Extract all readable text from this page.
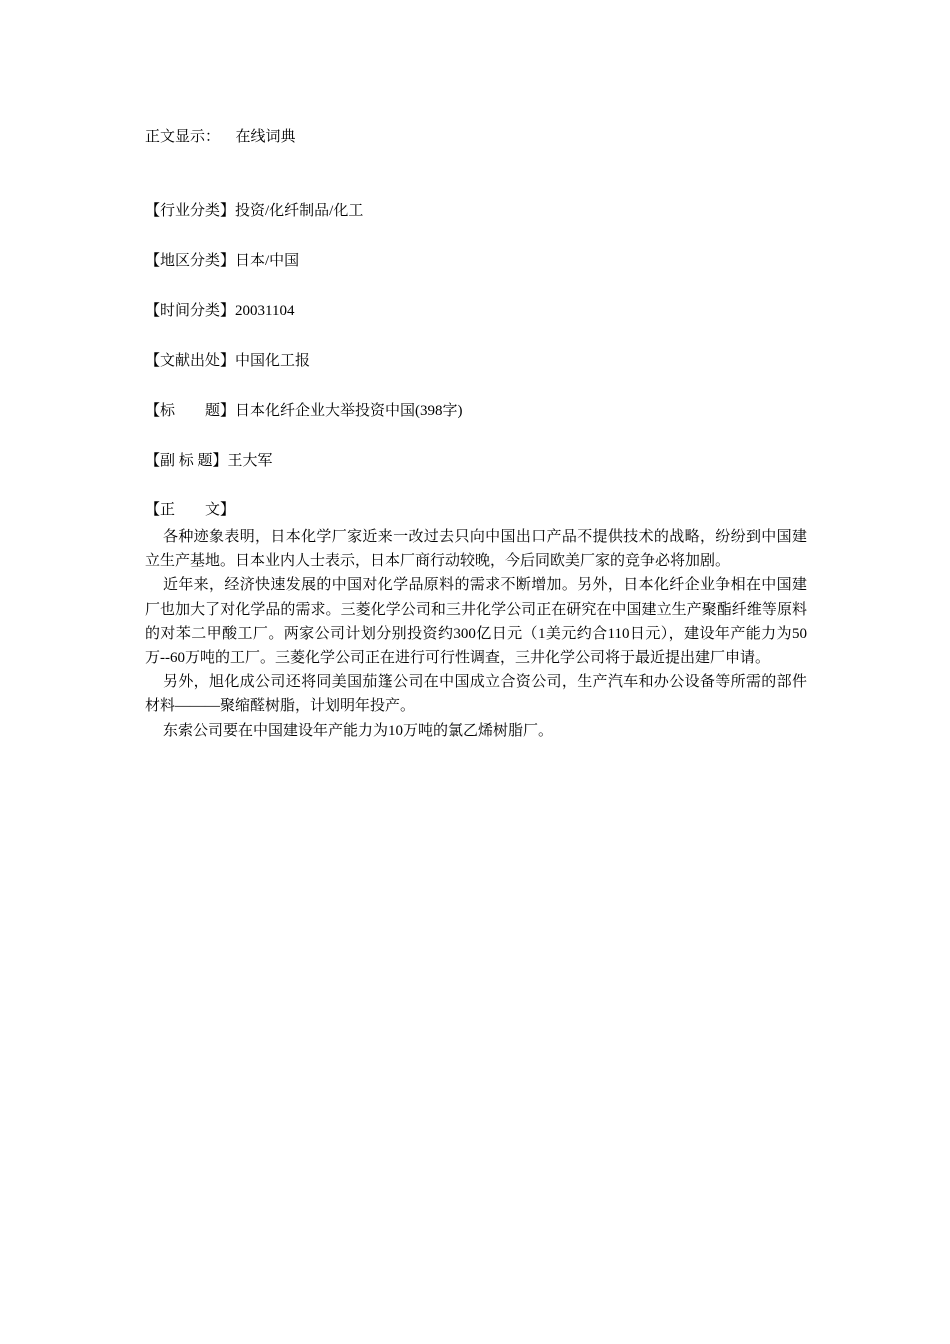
正文显示： 在线词典
【行业分类】投资/化纤制品/化工
【地区分类】日本/中国
【时间分类】20031104
【文献出处】中国化工报
【标　　题】日本化纤企业大举投资中国(398字)
【副 标 题】王大军
【正　　文】

各种迹象表明，日本化学厂家近来一改过去只向中国出口产品不提供技术的战略，纷纷到中国建立生产基地。日本业内人士表示，日本厂商行动较晚，今后同欧美厂家的竞争必将加剧。

近年来，经济快速发展的中国对化学品原料的需求不断增加。另外，日本化纤企业争相在中国建厂也加大了对化学品的需求。三菱化学公司和三井化学公司正在研究在中国建立生产聚酯纤维等原料的对苯二甲酸工厂。两家公司计划分别投资约300亿日元（1美元约合110日元），建设年产能力为50万--60万吨的工厂。三菱化学公司正在进行可行性调查，三井化学公司将于最近提出建厂申请。

另外，旭化成公司还将同美国茄篷公司在中国成立合资公司，生产汽车和办公设备等所需的部件材料———聚缩醛树脂，计划明年投产。

东索公司要在中国建设年产能力为10万吨的氯乙烯树脂厂。
